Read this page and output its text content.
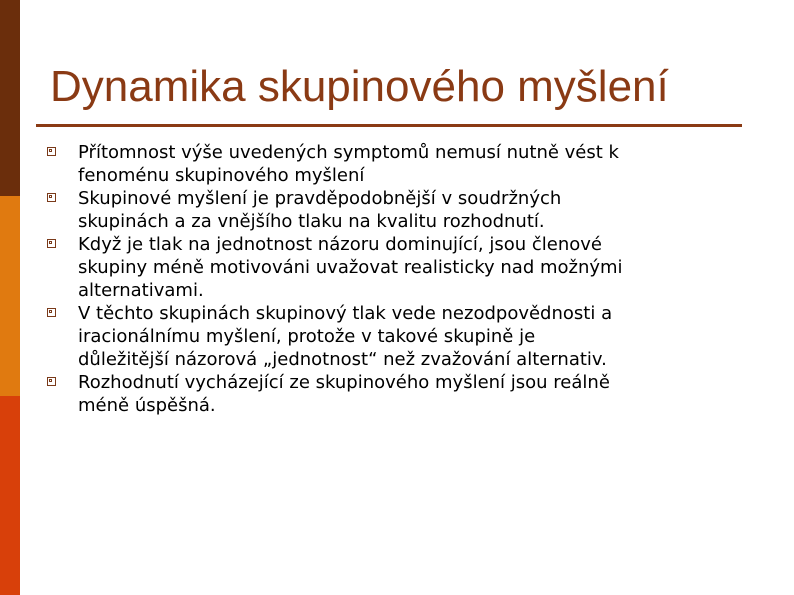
Dynamika skupinového myšlení
Přítomnost výše uvedených symptomů nemusí nutně vést k
fenoménu skupinového myšlení
Skupinové myšlení je pravděpodobnější v soudržných
skupinách a za vnějšího tlaku na kvalitu rozhodnutí.
Když je tlak na jednotnost názoru dominující, jsou členové
skupiny méně motivováni uvažovat realisticky nad možnými
alternativami.
V těchto skupinách skupinový tlak vede nezodpovědnosti a
iracionálnímu myšlení, protože v takové skupině je
důležitější názorová „jednotnost“ než zvažování alternativ.
Rozhodnutí vycházející ze skupinového myšlení jsou reálně
méně úspěšná.
